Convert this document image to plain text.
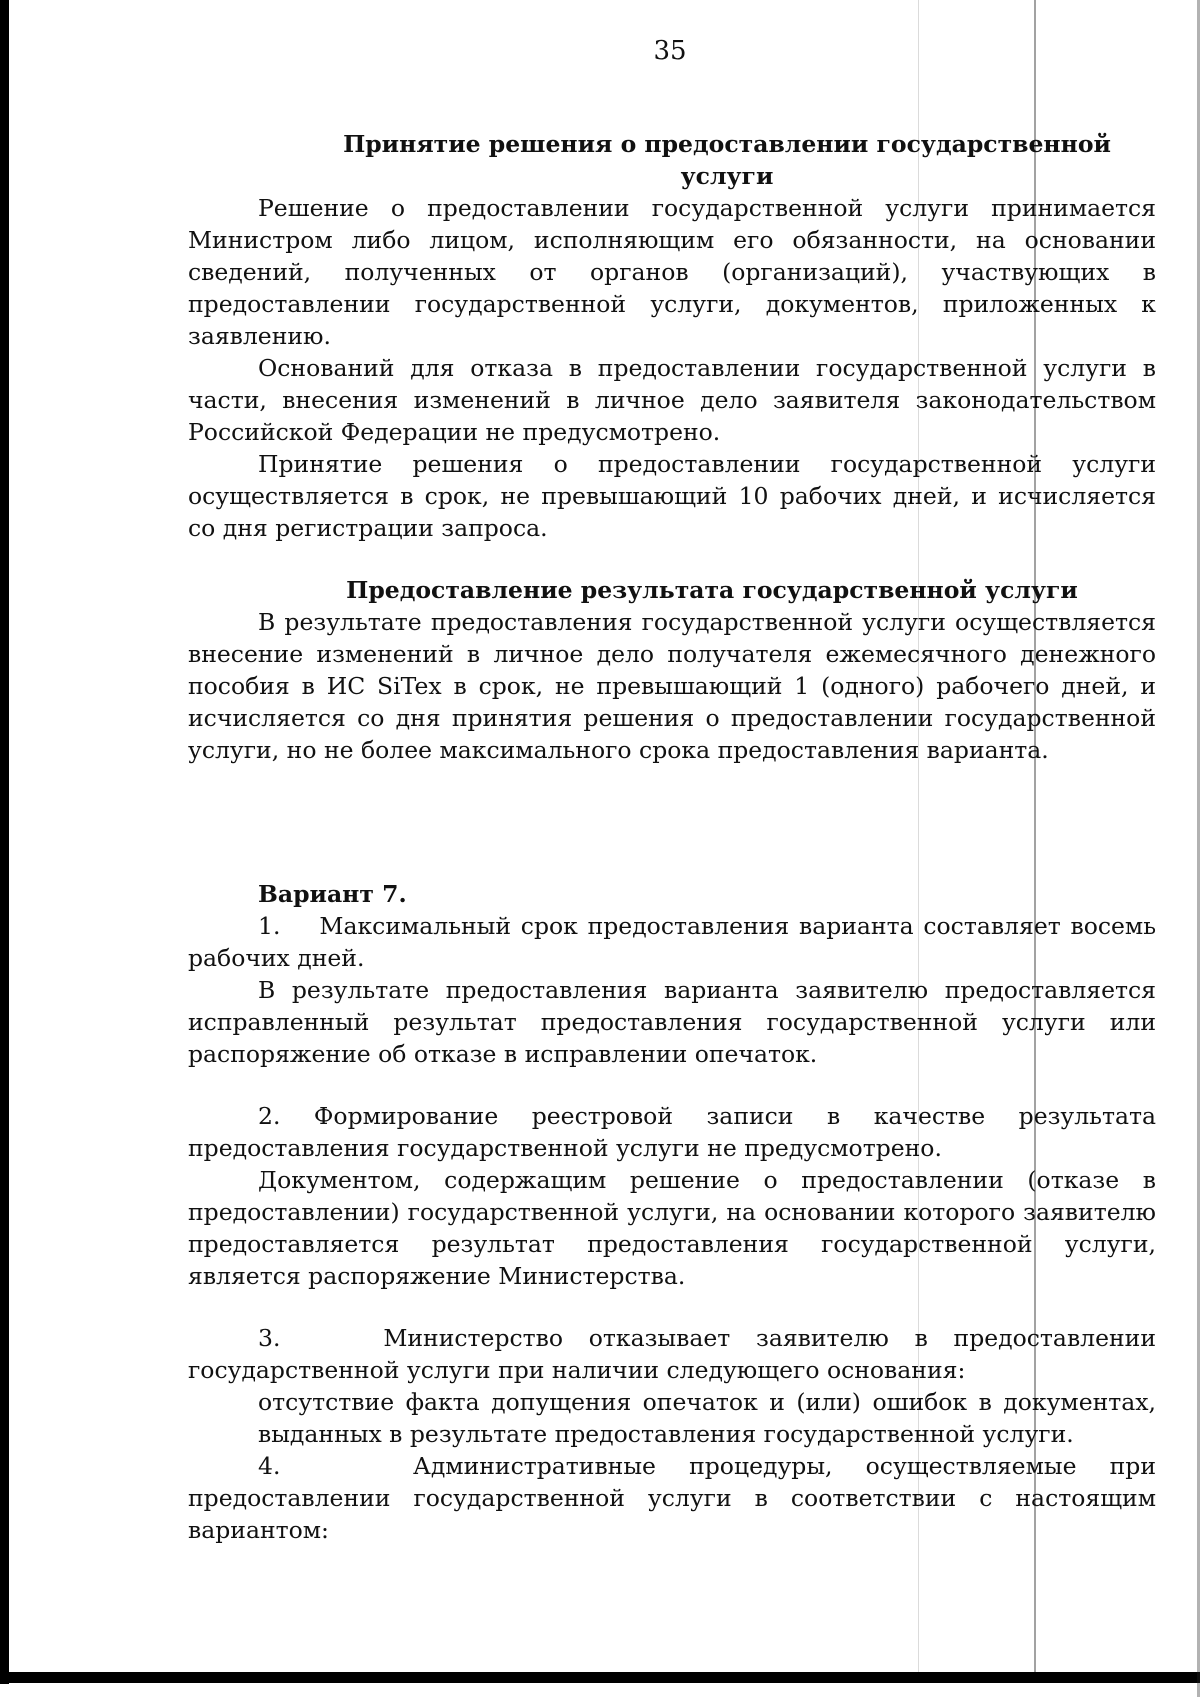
35

Принятие решения о предоставлении государственной услуги

Решение о предоставлении государственной услуги принимается Министром либо лицом, исполняющим его обязанности, на основании сведений, полученных от органов (организаций), участвующих в предоставлении государственной услуги, документов, приложенных к заявлению.

Оснований для отказа в предоставлении государственной услуги в части, внесения изменений в личное дело заявителя законодательством Российской Федерации не предусмотрено.

Принятие решения о предоставлении государственной услуги осуществляется в срок, не превышающий 10 рабочих дней, и исчисляется со дня регистрации запроса.

Предоставление результата государственной услуги

В результате предоставления государственной услуги осуществляется внесение изменений в личное дело получателя ежемесячного денежного пособия в ИС SiTex в срок, не превышающий 1 (одного) рабочего дней, и исчисляется со дня принятия решения о предоставлении государственной услуги, но не более максимального срока предоставления варианта.

Вариант 7.

1.    Максимальный срок предоставления варианта составляет восемь рабочих дней.

В результате предоставления варианта заявителю предоставляется исправленный результат предоставления государственной услуги или распоряжение об отказе в исправлении опечаток.

2. Формирование реестровой записи в качестве результата предоставления государственной услуги не предусмотрено.

Документом, содержащим решение о предоставлении (отказе в предоставлении) государственной услуги, на основании которого заявителю предоставляется результат предоставления государственной услуги, является распоряжение Министерства.

3.    Министерство отказывает заявителю в предоставлении государственной услуги при наличии следующего основания:

отсутствие факта допущения опечаток и (или) ошибок в документах, выданных в результате предоставления государственной услуги.

4.    Административные процедуры, осуществляемые при предоставлении государственной услуги в соответствии с настоящим вариантом:
